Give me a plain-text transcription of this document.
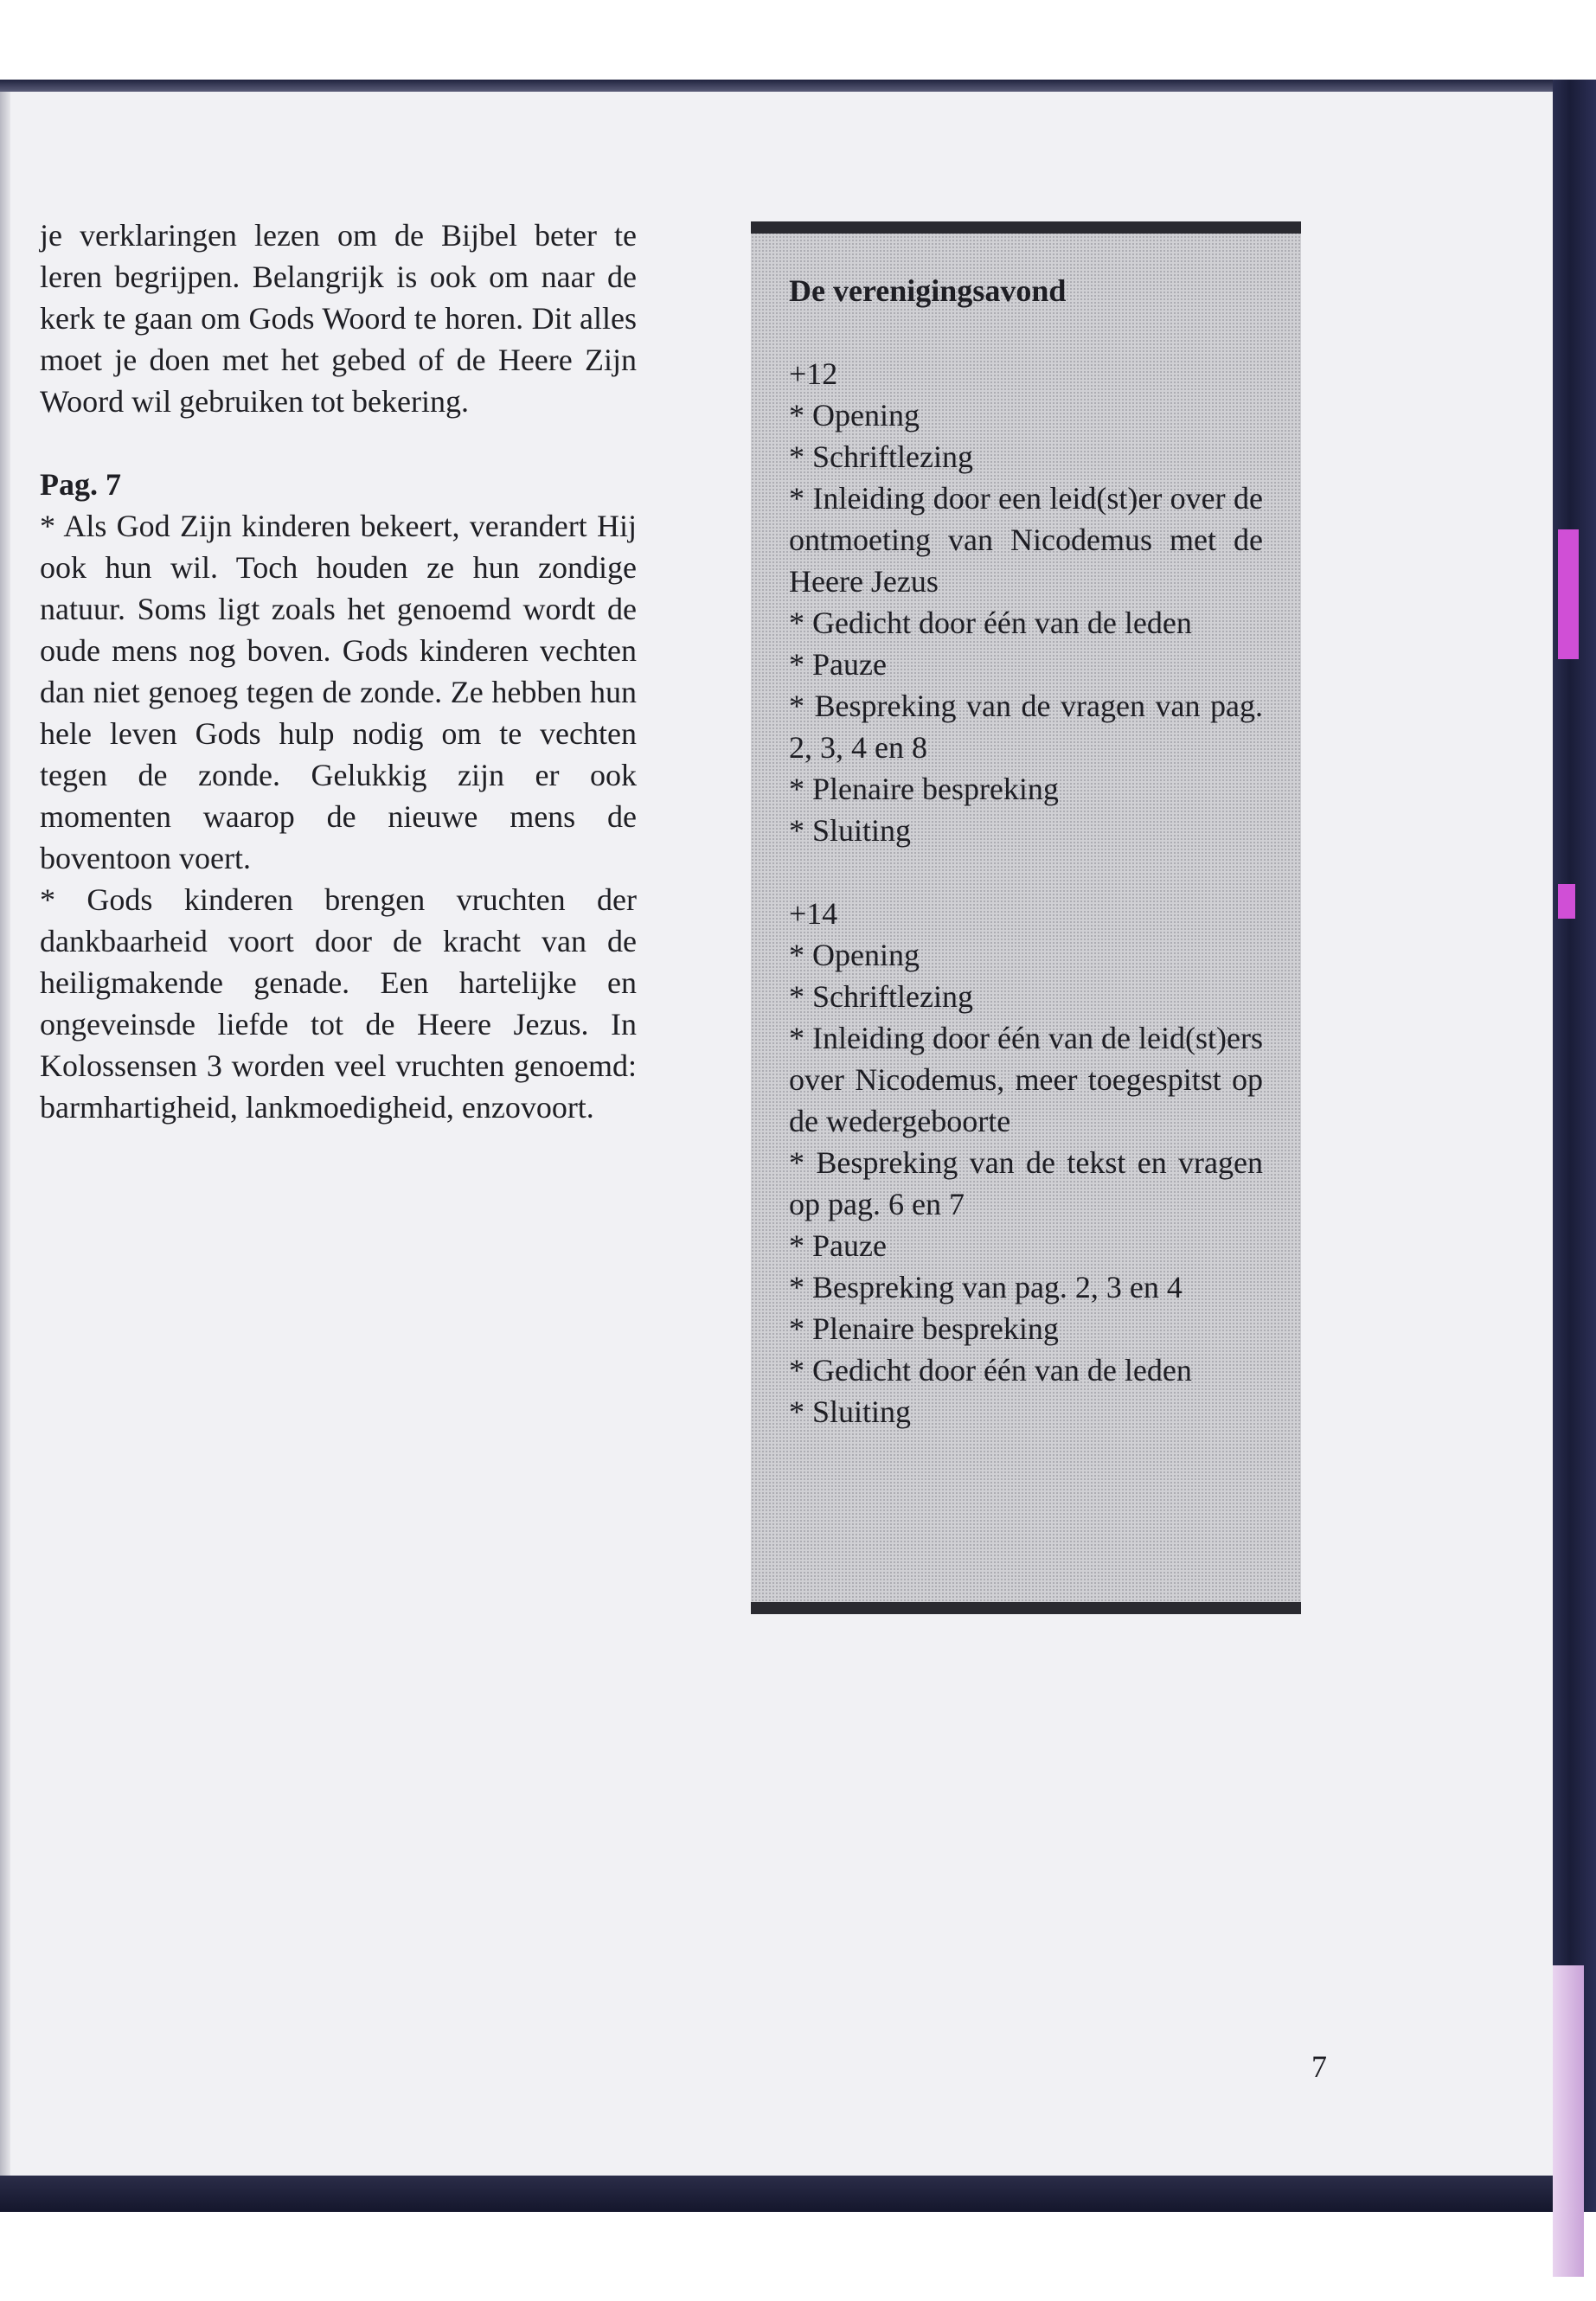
je verklaringen lezen om de Bijbel beter te leren begrijpen. Belangrijk is ook om naar de kerk te gaan om Gods Woord te horen. Dit alles moet je doen met het gebed of de Heere Zijn Woord wil gebruiken tot bekering.

Pag. 7

* Als God Zijn kinderen bekeert, verandert Hij ook hun wil. Toch houden ze hun zondige natuur. Soms ligt zoals het genoemd wordt de oude mens nog boven. Gods kinderen vechten dan niet genoeg tegen de zonde. Ze hebben hun hele leven Gods hulp nodig om te vechten tegen de zonde. Gelukkig zijn er ook momenten waarop de nieuwe mens de boventoon voert.

* Gods kinderen brengen vruchten der dankbaarheid voort door de kracht van de heiligmakende genade. Een hartelijke en ongeveinsde liefde tot de Heere Jezus. In Kolossensen 3 worden veel vruchten genoemd: barmhartigheid, lankmoedigheid, enzovoort.

De verenigingsavond

+12

* Opening

* Schriftlezing

* Inleiding door een leid(st)er over de ontmoeting van Nicodemus met de Heere Jezus

* Gedicht door één van de leden

* Pauze

* Bespreking van de vragen van pag. 2, 3, 4 en 8

* Plenaire bespreking

* Sluiting

+14

* Opening

* Schriftlezing

* Inleiding door één van de leid(st)ers over Nicodemus, meer toegespitst op de wedergeboorte

* Bespreking van de tekst en vragen op pag. 6 en 7

* Pauze

* Bespreking van pag. 2, 3 en 4

* Plenaire bespreking

* Gedicht door één van de leden

* Sluiting

7
